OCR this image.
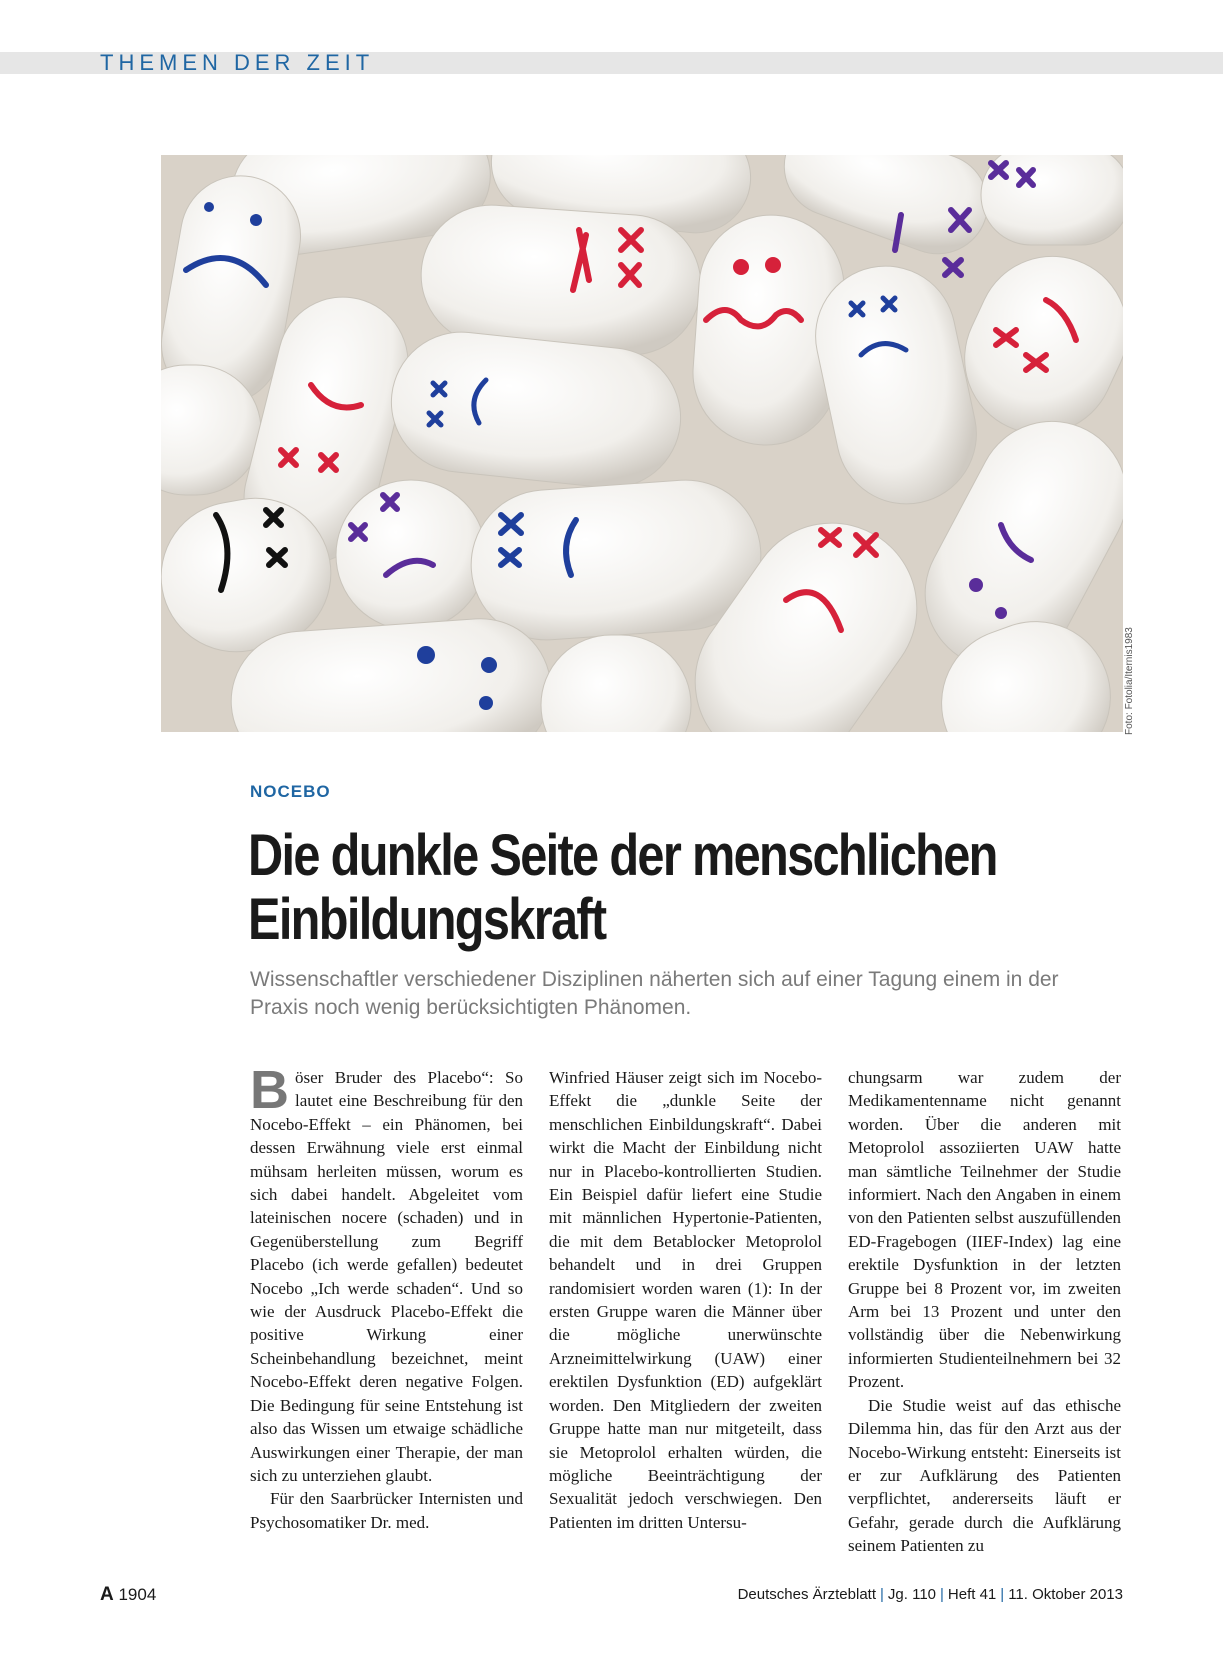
THEMEN DER ZEIT
Foto: Fotolia/Iternis1983
NOCEBO
Die dunkle Seite der menschlichen
Einbildungskraft

Wissenschaftler verschiedener Disziplinen näherten sich auf einer Tagung einem in der Praxis noch wenig berücksichtigten Phänomen.

Böser Bruder des Placebo“: So lautet eine Beschreibung für den Nocebo-Effekt – ein Phänomen, bei dessen Erwähnung viele erst einmal mühsam herleiten müssen, worum es sich dabei handelt. Abgeleitet vom lateinischen nocere (schaden) und in Gegenüberstellung zum Begriff Placebo (ich werde gefallen) bedeutet Nocebo „Ich werde schaden“. Und so wie der Ausdruck Placebo-Effekt die positive Wirkung einer Scheinbehandlung bezeichnet, meint Nocebo-Effekt deren negative Folgen. Die Bedingung für seine Entstehung ist also das Wissen um etwaige schädliche Auswirkungen einer Therapie, der man sich zu unterziehen glaubt.

Für den Saarbrücker Internisten und Psychosomatiker Dr. med.

Winfried Häuser zeigt sich im Nocebo-Effekt die „dunkle Seite der menschlichen Einbildungskraft“. Dabei wirkt die Macht der Einbildung nicht nur in Placebo-kontrollierten Studien. Ein Beispiel dafür liefert eine Studie mit männlichen Hypertonie-Patienten, die mit dem Betablocker Metoprolol behandelt und in drei Gruppen randomisiert worden waren (1): In der ersten Gruppe waren die Männer über die mögliche unerwünschte Arzneimittelwirkung (UAW) einer erektilen Dysfunktion (ED) aufgeklärt worden. Den Mitgliedern der zweiten Gruppe hatte man nur mitgeteilt, dass sie Metoprolol erhalten würden, die mögliche Beeinträchtigung der Sexualität jedoch verschwiegen. Den Patienten im dritten Untersu-

chungsarm war zudem der Medikamentenname nicht genannt worden. Über die anderen mit Metoprolol assoziierten UAW hatte man sämtliche Teilnehmer der Studie informiert. Nach den Angaben in einem von den Patienten selbst auszufüllenden ED-Fragebogen (IIEF-Index) lag eine erektile Dysfunktion in der letzten Gruppe bei 8 Prozent vor, im zweiten Arm bei 13 Prozent und unter den vollständig über die Nebenwirkung informierten Studienteilnehmern bei 32 Prozent.

Die Studie weist auf das ethische Dilemma hin, das für den Arzt aus der Nocebo-Wirkung entsteht: Einerseits ist er zur Aufklärung des Patienten verpflichtet, andererseits läuft er Gefahr, gerade durch die Aufklärung seinem Patienten zu

A 1904	Deutsches Ärzteblatt | Jg. 110 | Heft 41 | 11. Oktober 2013
